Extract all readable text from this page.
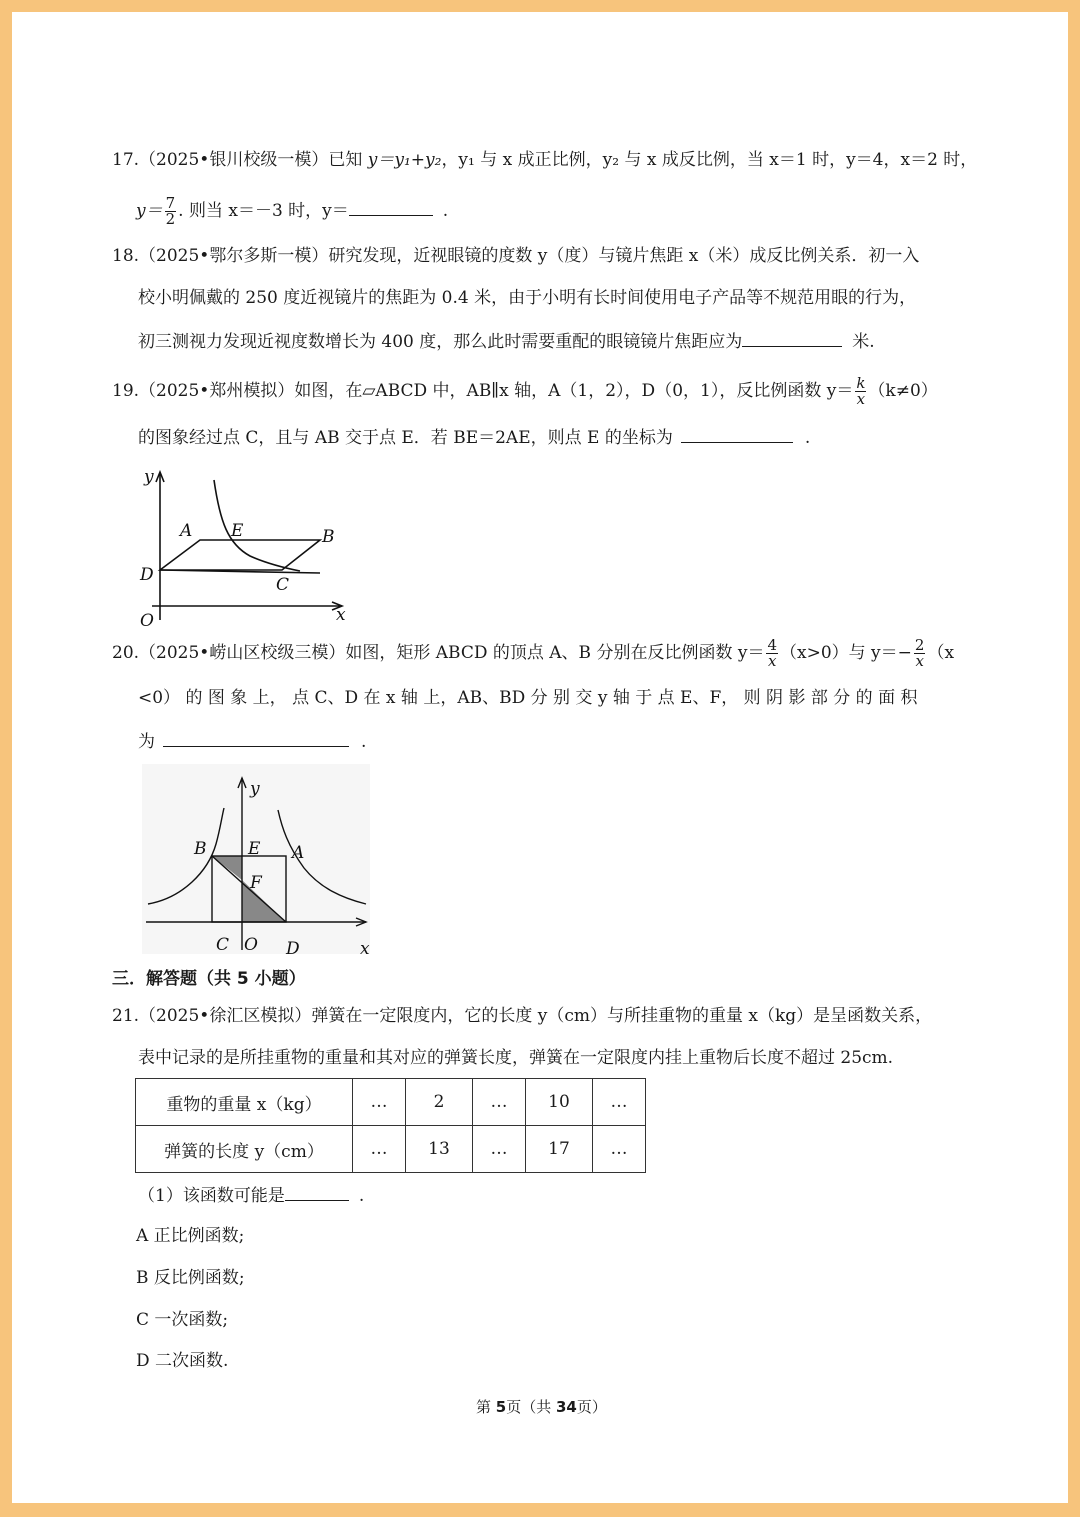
17.（2025•银川校级一模）已知 y＝y₁+y₂，y₁ 与 x 成正比例，y₂ 与 x 成反比例，当 x＝1 时，y＝4，x＝2 时，
$y= \frac{7}{2}$ . 则当 x＝－3 时，y＝	.
18.（2025•鄂尔多斯一模）研究发现，近视眼镜的度数 y（度）与镜片焦距 x（米）成反比例关系．初一入
校小明佩戴的 250 度近视镜片的焦距为 0.4 米，由于小明有长时间使用电子产品等不规范用眼的行为，
初三测视力发现近视度数增长为 400 度，那么此时需要重配的眼镜镜片焦距应为	米.
19.（2025•郑州模拟）如图，在▱ABCD 中，AB∥x 轴，A（1，2），D（0，1），反比例函数 $y= \frac{k}{x} (k\ne 0)$
的图象经过点 C，且与 AB 交于点 E．若 BE＝2AE，则点 E 的坐标为	.
y
x
O
A E	B
D	C
20.（2025•崂山区校级三模）如图，矩形 ABCD 的顶点 A、B 分别在反比例函数 $y= \frac{4}{x} (x>0)$与 $y=- \frac{2}{x} (x$
<0） 的 图 象 上， 点 C、D 在 x 轴 上，AB、BD 分 别 交 y 轴 于 点 E、F， 则 阴 影 部 分 的 面 积
为	.
y
x
O
A
B
C	D
E
F
三．解答题（共 5 小题）
21.（2025•徐汇区模拟）弹簧在一定限度内，它的长度 y（cm）与所挂重物的重量 x（kg）是呈函数关系，
表中记录的是所挂重物的重量和其对应的弹簧长度，弹簧在一定限度内挂上重物后长度不超过 25cm.
重物的重量 x（kg）	…	2	…	10	…
弹簧的长度 y（cm）	…	13	…	17	…
（1）该函数可能是	.
A 正比例函数;
B 反比例函数;
C 一次函数;
D 二次函数.
第 5页（共 34页）
